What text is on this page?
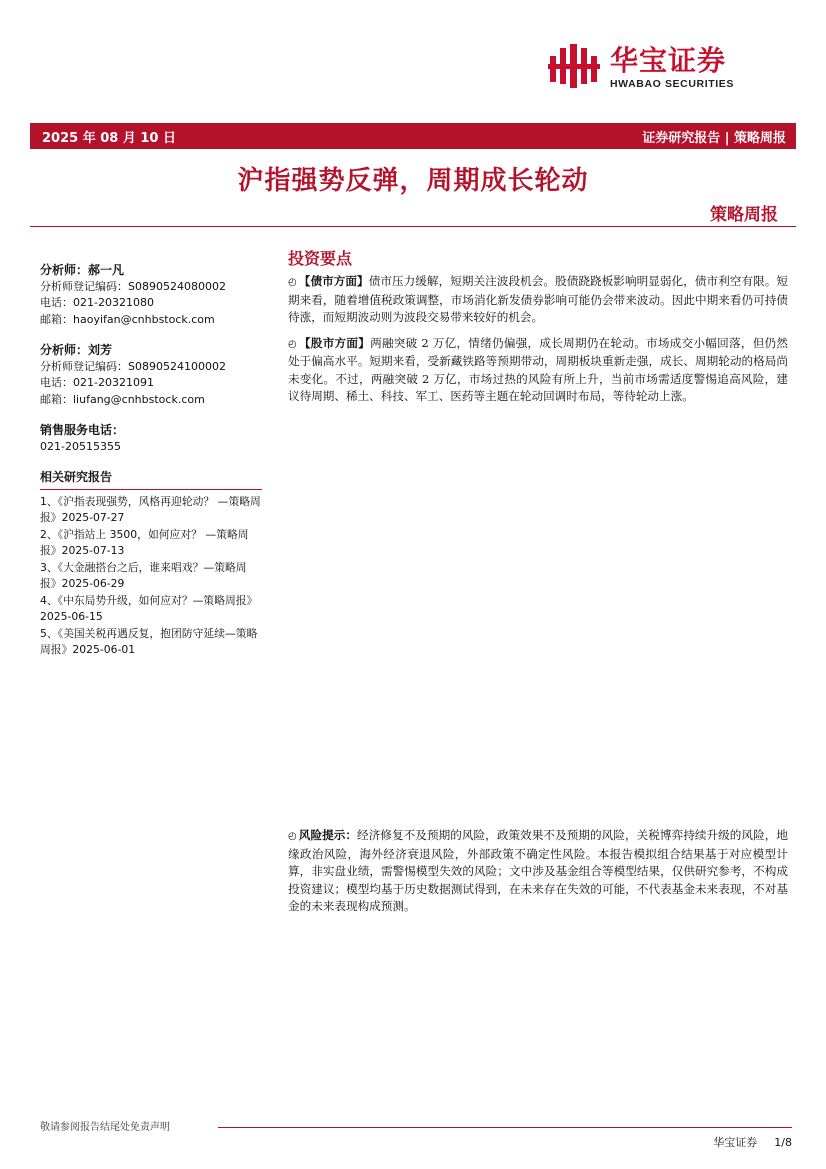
华宝证券
HWABAO SECURITIES
2025 年 08 月 10 日	证券研究报告 | 策略周报
沪指强势反弹，周期成长轮动
策略周报
分析师：郝一凡
分析师登记编码：S0890524080002
电话：021-20321080
邮箱：haoyifan@cnhbstock.com
分析师：刘芳
分析师登记编码：S0890524100002
电话：021-20321091
邮箱：liufang@cnhbstock.com
销售服务电话：
021-20515355
相关研究报告
1、《沪指表现强势，风格再迎轮动？ —策略周报》2025-07-27
2、《沪指站上 3500，如何应对？ —策略周报》2025-07-13
3、《大金融搭台之后，谁来唱戏？—策略周报》2025-06-29
4、《中东局势升级，如何应对？—策略周报》2025-06-15
5、《美国关税再遇反复，抱团防守延续—策略周报》2025-06-01
投资要点

◴ 【债市方面】债市压力缓解，短期关注波段机会。股债跷跷板影响明显弱化，债市利空有限。短期来看，随着增值税政策调整，市场消化新发债券影响可能仍会带来波动。因此中期来看仍可持债待涨，而短期波动则为波段交易带来较好的机会。

◴ 【股市方面】两融突破 2 万亿，情绪仍偏强，成长周期仍在轮动。市场成交小幅回落，但仍然处于偏高水平。短期来看，受新藏铁路等预期带动，周期板块重新走强，成长、周期轮动的格局尚未变化。不过，两融突破 2 万亿，市场过热的风险有所上升，当前市场需适度警惕追高风险，建议待周期、稀土、科技、军工、医药等主题在轮动回调时布局，等待轮动上涨。

◴ 风险提示：经济修复不及预期的风险，政策效果不及预期的风险，关税博弈持续升级的风险，地缘政治风险，海外经济衰退风险，外部政策不确定性风险。本报告模拟组合结果基于对应模型计算，非实盘业绩，需警惕模型失效的风险；文中涉及基金组合等模型结果，仅供研究参考，不构成投资建议；模型均基于历史数据测试得到，在未来存在失效的可能，不代表基金未来表现，不对基金的未来表现构成预测。

敬请参阅报告结尾处免责声明
华宝证券 1/8
